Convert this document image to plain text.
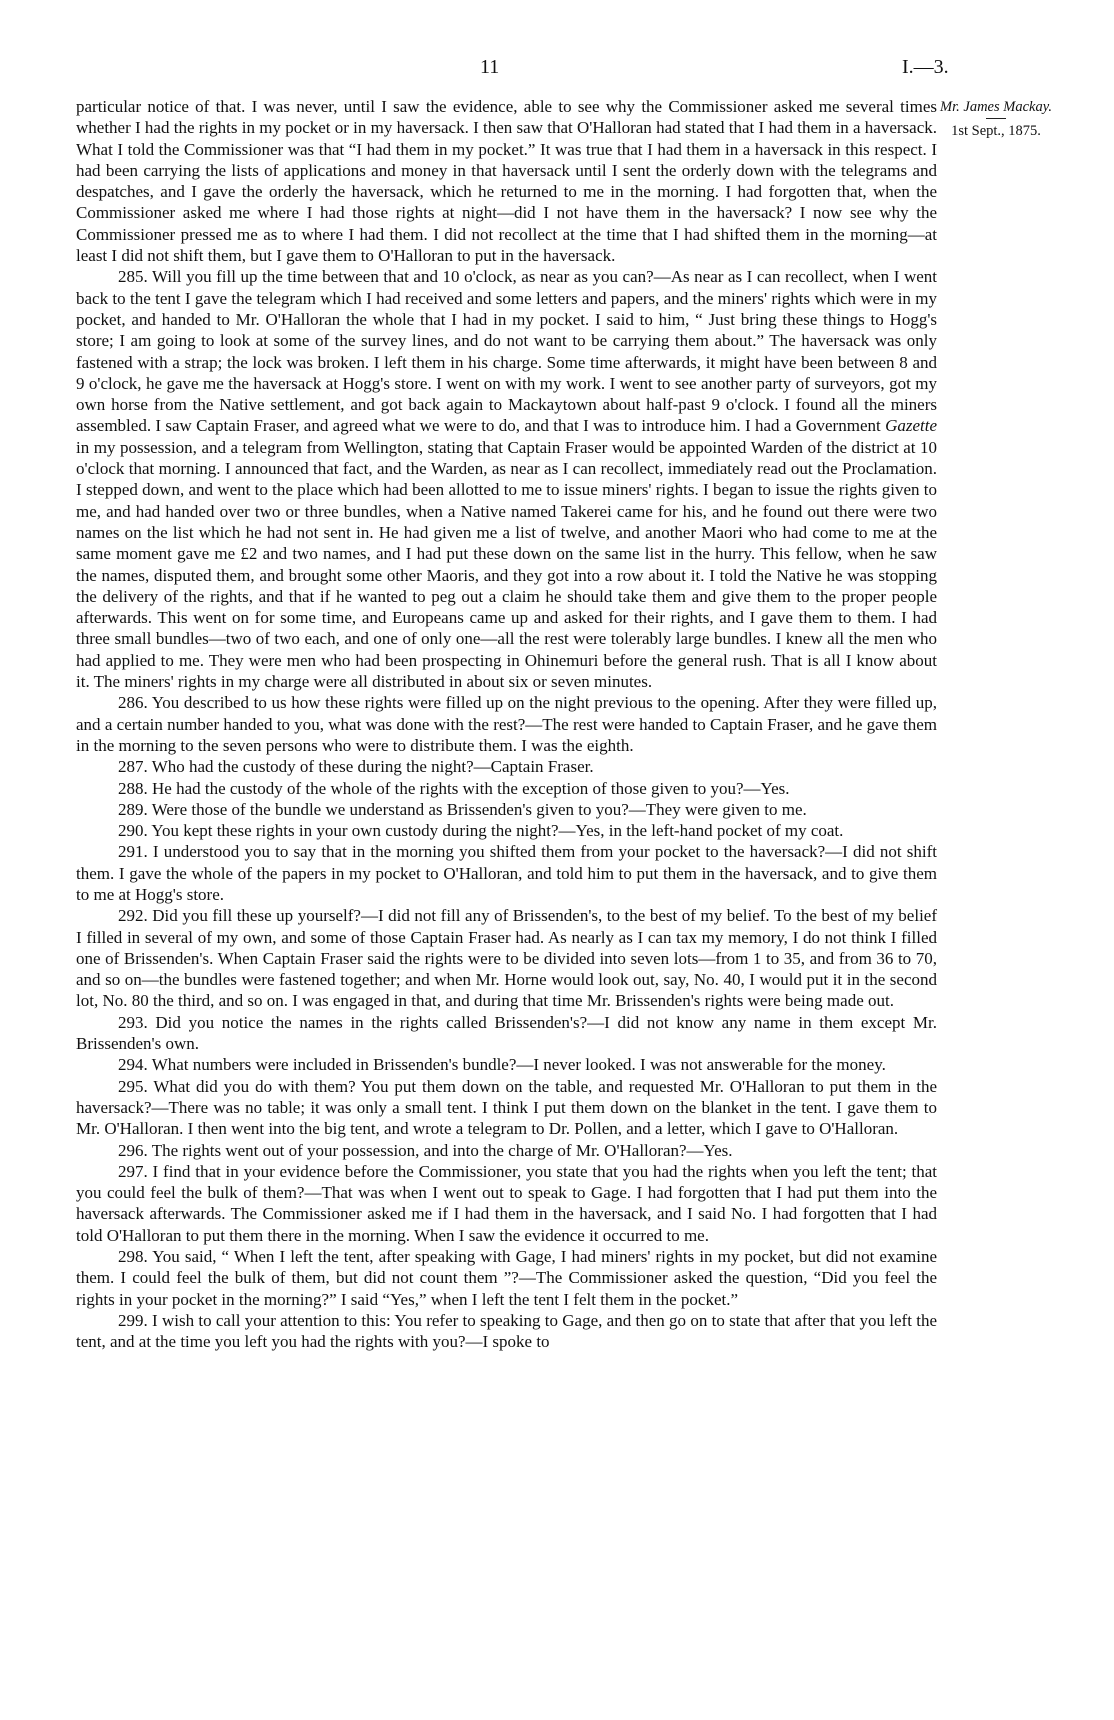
11	I.—3.
Mr. James Mackay.
1st Sept., 1875.

particular notice of that. I was never, until I saw the evidence, able to see why the Commissioner asked me several times whether I had the rights in my pocket or in my haversack. I then saw that O'Halloran had stated that I had them in a haversack. What I told the Commissioner was that “I had them in my pocket.” It was true that I had them in a haversack in this respect. I had been carrying the lists of applications and money in that haversack until I sent the orderly down with the telegrams and despatches, and I gave the orderly the haversack, which he returned to me in the morning. I had forgotten that, when the Commissioner asked me where I had those rights at night—did I not have them in the haversack? I now see why the Commissioner pressed me as to where I had them. I did not recollect at the time that I had shifted them in the morning—at least I did not shift them, but I gave them to O'Halloran to put in the haversack.

285. Will you fill up the time between that and 10 o'clock, as near as you can?—As near as I can recollect, when I went back to the tent I gave the telegram which I had received and some letters and papers, and the miners' rights which were in my pocket, and handed to Mr. O'Halloran the whole that I had in my pocket. I said to him, “ Just bring these things to Hogg's store; I am going to look at some of the survey lines, and do not want to be carrying them about.” The haversack was only fastened with a strap; the lock was broken. I left them in his charge. Some time afterwards, it might have been between 8 and 9 o'clock, he gave me the haversack at Hogg's store. I went on with my work. I went to see another party of surveyors, got my own horse from the Native settlement, and got back again to Mackaytown about half-past 9 o'clock. I found all the miners assembled. I saw Captain Fraser, and agreed what we were to do, and that I was to introduce him. I had a Government Gazette in my possession, and a telegram from Wellington, stating that Captain Fraser would be appointed Warden of the district at 10 o'clock that morning. I announced that fact, and the Warden, as near as I can recollect, immediately read out the Proclamation. I stepped down, and went to the place which had been allotted to me to issue miners' rights. I began to issue the rights given to me, and had handed over two or three bundles, when a Native named Takerei came for his, and he found out there were two names on the list which he had not sent in. He had given me a list of twelve, and another Maori who had come to me at the same moment gave me £2 and two names, and I had put these down on the same list in the hurry. This fellow, when he saw the names, disputed them, and brought some other Maoris, and they got into a row about it. I told the Native he was stopping the delivery of the rights, and that if he wanted to peg out a claim he should take them and give them to the proper people afterwards. This went on for some time, and Europeans came up and asked for their rights, and I gave them to them. I had three small bundles—two of two each, and one of only one—all the rest were tolerably large bundles. I knew all the men who had applied to me. They were men who had been prospecting in Ohinemuri before the general rush. That is all I know about it. The miners' rights in my charge were all distributed in about six or seven minutes.

286. You described to us how these rights were filled up on the night previous to the opening. After they were filled up, and a certain number handed to you, what was done with the rest?—The rest were handed to Captain Fraser, and he gave them in the morning to the seven persons who were to distribute them. I was the eighth.

287. Who had the custody of these during the night?—Captain Fraser.

288. He had the custody of the whole of the rights with the exception of those given to you?—Yes.

289. Were those of the bundle we understand as Brissenden's given to you?—They were given to me.

290. You kept these rights in your own custody during the night?—Yes, in the left-hand pocket of my coat.

291. I understood you to say that in the morning you shifted them from your pocket to the haversack?—I did not shift them. I gave the whole of the papers in my pocket to O'Halloran, and told him to put them in the haversack, and to give them to me at Hogg's store.

292. Did you fill these up yourself?—I did not fill any of Brissenden's, to the best of my belief. To the best of my belief I filled in several of my own, and some of those Captain Fraser had. As nearly as I can tax my memory, I do not think I filled one of Brissenden's. When Captain Fraser said the rights were to be divided into seven lots—from 1 to 35, and from 36 to 70, and so on—the bundles were fastened together; and when Mr. Horne would look out, say, No. 40, I would put it in the second lot, No. 80 the third, and so on. I was engaged in that, and during that time Mr. Brissenden's rights were being made out.

293. Did you notice the names in the rights called Brissenden's?—I did not know any name in them except Mr. Brissenden's own.

294. What numbers were included in Brissenden's bundle?—I never looked. I was not answerable for the money.

295. What did you do with them? You put them down on the table, and requested Mr. O'Halloran to put them in the haversack?—There was no table; it was only a small tent. I think I put them down on the blanket in the tent. I gave them to Mr. O'Halloran. I then went into the big tent, and wrote a telegram to Dr. Pollen, and a letter, which I gave to O'Halloran.

296. The rights went out of your possession, and into the charge of Mr. O'Halloran?—Yes.

297. I find that in your evidence before the Commissioner, you state that you had the rights when you left the tent; that you could feel the bulk of them?—That was when I went out to speak to Gage. I had forgotten that I had put them into the haversack afterwards. The Commissioner asked me if I had them in the haversack, and I said No. I had forgotten that I had told O'Halloran to put them there in the morning. When I saw the evidence it occurred to me.

298. You said, “ When I left the tent, after speaking with Gage, I had miners' rights in my pocket, but did not examine them. I could feel the bulk of them, but did not count them ”?—The Commissioner asked the question, “Did you feel the rights in your pocket in the morning?” I said “Yes,” when I left the tent I felt them in the pocket.”

299. I wish to call your attention to this: You refer to speaking to Gage, and then go on to state that after that you left the tent, and at the time you left you had the rights with you?—I spoke to
